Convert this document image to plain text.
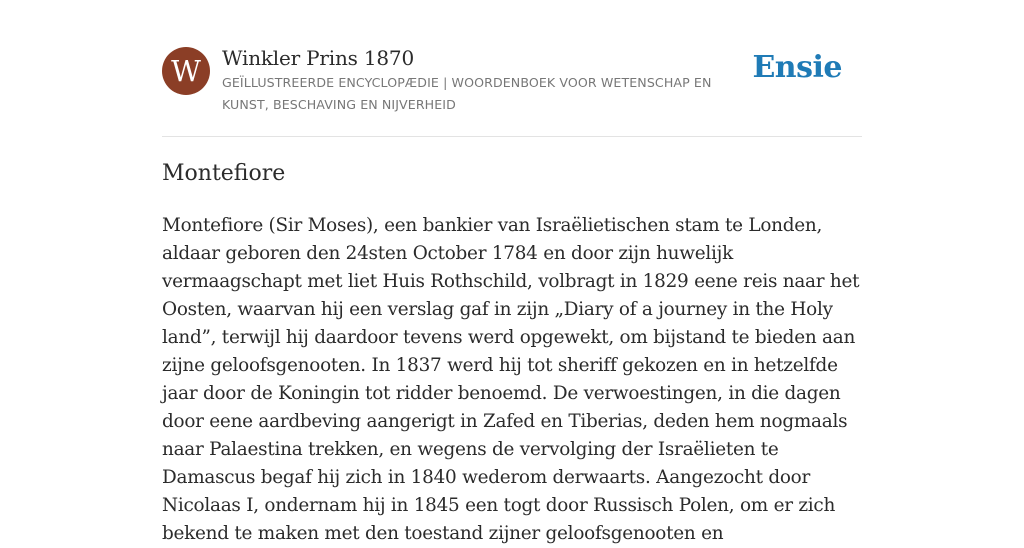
W Winkler Prins 1870
GEÏLLUSTREERDE ENCYCLOPÆDIE | WOORDENBOEK VOOR WETENSCHAP EN KUNST, BESCHAVING EN NIJVERHEID
Ensie
Montefiore

Montefiore (Sir Moses), een bankier van Israëlietischen stam te Londen, aldaar geboren den 24sten October 1784 en door zijn huwelijk vermaagschapt met liet Huis Rothschild, volbragt in 1829 eene reis naar het Oosten, waarvan hij een verslag gaf in zijn „Diary of a journey in the Holy land”, terwijl hij daardoor tevens werd opgewekt, om bijstand te bieden aan zijne geloofsgenooten. In 1837 werd hij tot sheriff gekozen en in hetzelfde jaar door de Koningin tot ridder benoemd. De verwoestingen, in die dagen door eene aardbeving aangerigt in Zafed en Tiberias, deden hem nogmaals naar Palaestina trekken, en wegens de vervolging der Israëlieten te Damascus begaf hij zich in 1840 wederom derwaarts. Aangezocht door Nicolaas I, ondernam hij in 1845 een togt door Russisch Polen, om er zich bekend te maken met den toestand zijner geloofsgenooten en
